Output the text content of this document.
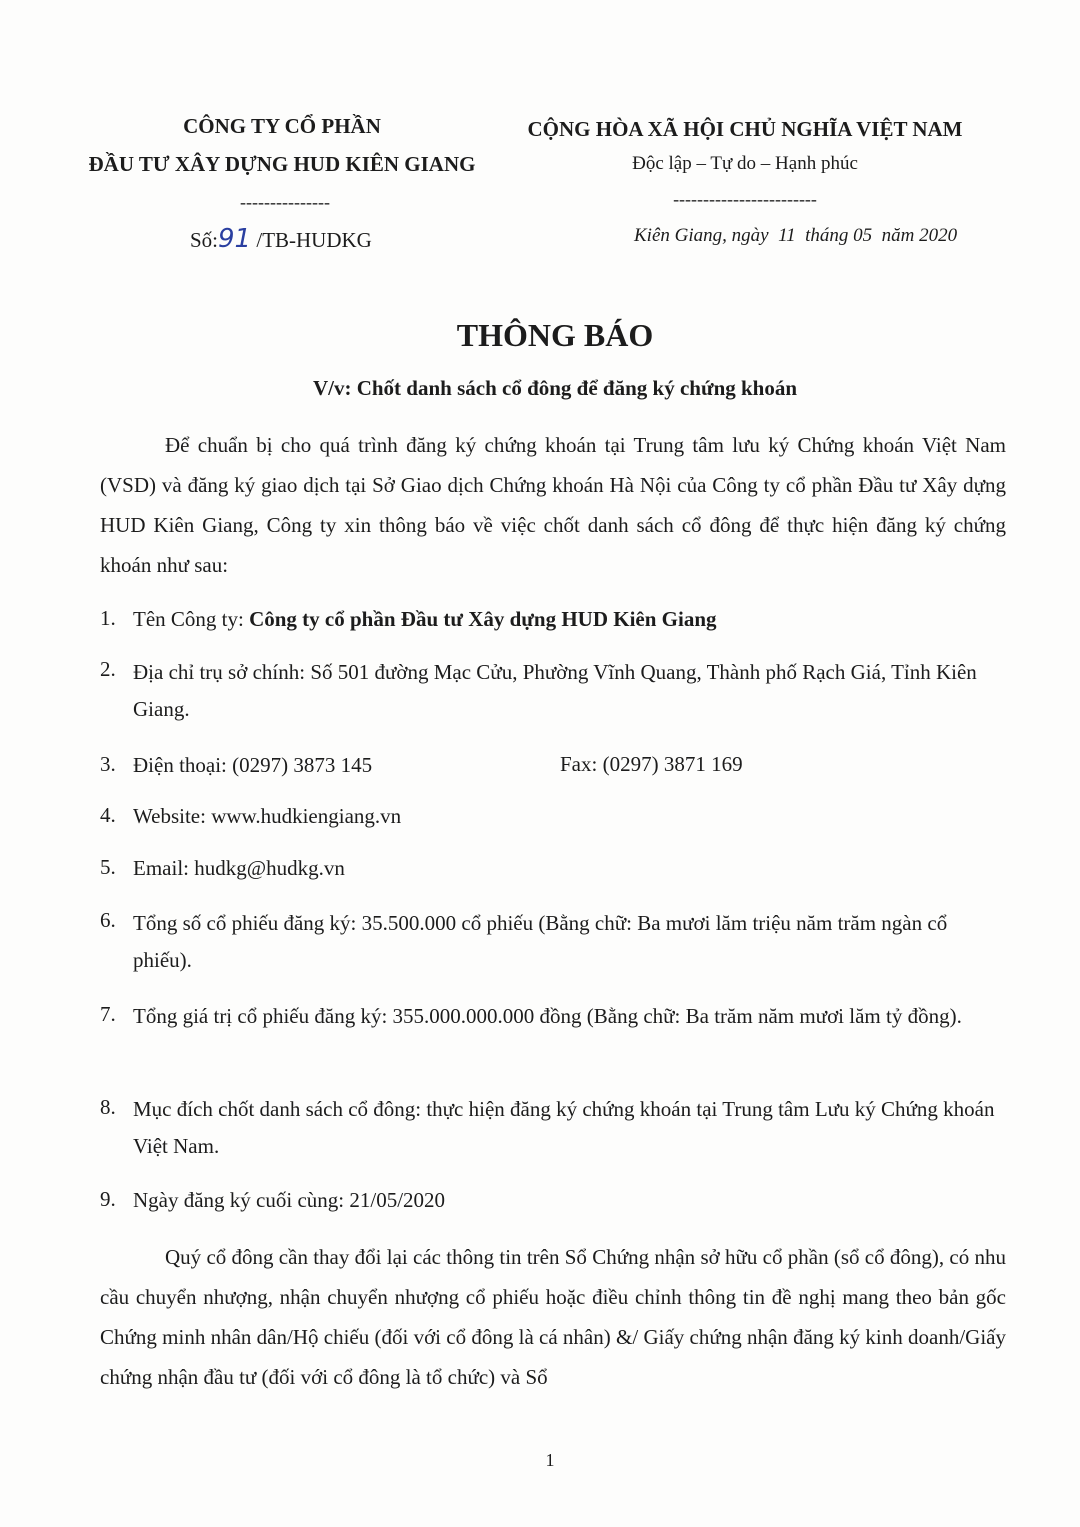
CÔNG TY CỔ PHẦN
ĐẦU TƯ XÂY DỰNG HUD KIÊN GIANG
---------------
Số:91 /TB-HUDKG
CỘNG HÒA XÃ HỘI CHỦ NGHĨA VIỆT NAM
Độc lập – Tự do – Hạnh phúc
------------------------
Kiên Giang, ngày  11  tháng 05  năm 2020
THÔNG BÁO
V/v: Chốt danh sách cổ đông để đăng ký chứng khoán
Để chuẩn bị cho quá trình đăng ký chứng khoán tại Trung tâm lưu ký Chứng khoán Việt Nam (VSD) và đăng ký giao dịch tại Sở Giao dịch Chứng khoán Hà Nội của Công ty cổ phần Đầu tư Xây dựng HUD Kiên Giang, Công ty xin thông báo về việc chốt danh sách cổ đông để thực hiện đăng ký chứng khoán như sau:
1. Tên Công ty: Công ty cổ phần Đầu tư Xây dựng HUD Kiên Giang
2. Địa chỉ trụ sở chính: Số 501 đường Mạc Cửu, Phường Vĩnh Quang, Thành phố Rạch Giá, Tỉnh Kiên Giang.
3. Điện thoại: (0297) 3873 145	Fax: (0297) 3871 169
4. Website: www.hudkiengiang.vn
5. Email: hudkg@hudkg.vn
6. Tổng số cổ phiếu đăng ký: 35.500.000 cổ phiếu (Bằng chữ: Ba mươi lăm triệu năm trăm ngàn cổ phiếu).
7. Tổng giá trị cổ phiếu đăng ký: 355.000.000.000 đồng (Bằng chữ: Ba trăm năm mươi lăm tỷ đồng).
8. Mục đích chốt danh sách cổ đông: thực hiện đăng ký chứng khoán tại Trung tâm Lưu ký Chứng khoán Việt Nam.
9. Ngày đăng ký cuối cùng: 21/05/2020
Quý cổ đông cần thay đổi lại các thông tin trên Sổ Chứng nhận sở hữu cổ phần (sổ cổ đông), có nhu cầu chuyển nhượng, nhận chuyển nhượng cổ phiếu hoặc điều chỉnh thông tin đề nghị mang theo bản gốc Chứng minh nhân dân/Hộ chiếu (đối với cổ đông là cá nhân) &/ Giấy chứng nhận đăng ký kinh doanh/Giấy chứng nhận đầu tư (đối với cổ đông là tổ chức) và Sổ
1
